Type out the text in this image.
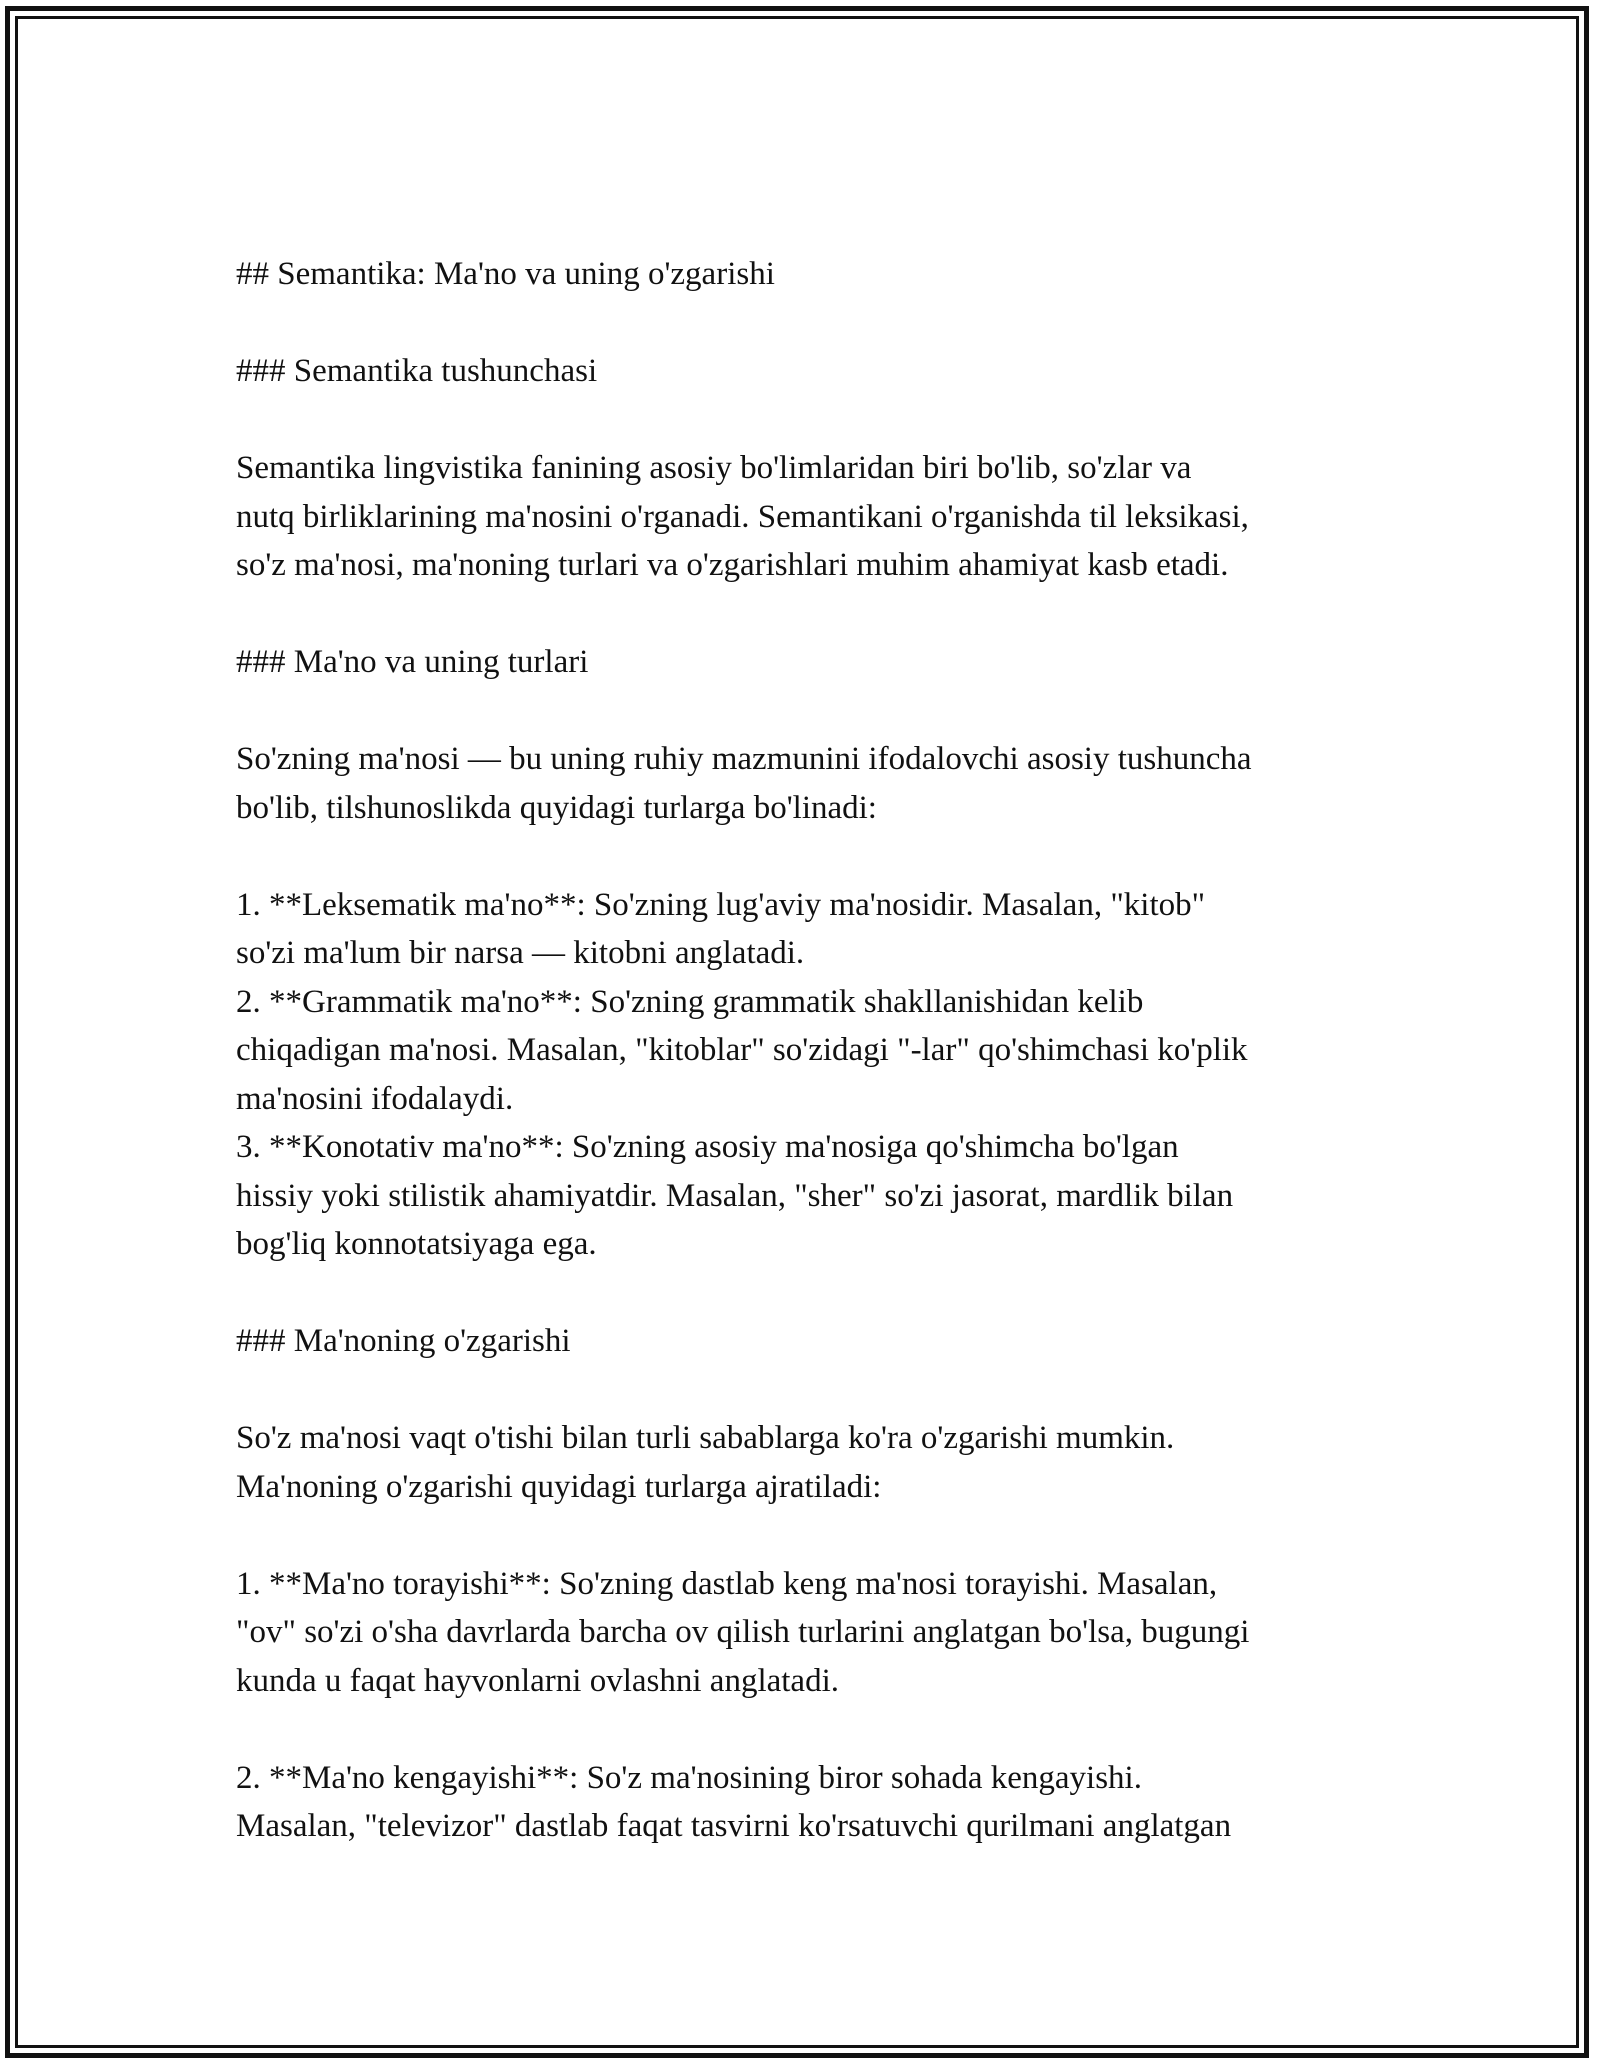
## Semantika: Ma'no va uning o'zgarishi
### Semantika tushunchasi
Semantika lingvistika fanining asosiy bo'limlaridan biri bo'lib, so'zlar va
nutq birliklarining ma'nosini o'rganadi. Semantikani o'rganishda til leksikasi,
so'z ma'nosi, ma'noning turlari va o'zgarishlari muhim ahamiyat kasb etadi.
### Ma'no va uning turlari
So'zning ma'nosi — bu uning ruhiy mazmunini ifodalovchi asosiy tushuncha
bo'lib, tilshunoslikda quyidagi turlarga bo'linadi:
1. **Leksematik ma'no**: So'zning lug'aviy ma'nosidir. Masalan, "kitob"
so'zi ma'lum bir narsa — kitobni anglatadi.
2. **Grammatik ma'no**: So'zning grammatik shakllanishidan kelib
chiqadigan ma'nosi. Masalan, "kitoblar" so'zidagi "-lar" qo'shimchasi ko'plik
ma'nosini ifodalaydi.
3. **Konotativ ma'no**: So'zning asosiy ma'nosiga qo'shimcha bo'lgan
hissiy yoki stilistik ahamiyatdir. Masalan, "sher" so'zi jasorat, mardlik bilan
bog'liq konnotatsiyaga ega.
### Ma'noning o'zgarishi
So'z ma'nosi vaqt o'tishi bilan turli sabablarga ko'ra o'zgarishi mumkin.
Ma'noning o'zgarishi quyidagi turlarga ajratiladi:
1. **Ma'no torayishi**: So'zning dastlab keng ma'nosi torayishi. Masalan,
"ov" so'zi o'sha davrlarda barcha ov qilish turlarini anglatgan bo'lsa, bugungi
kunda u faqat hayvonlarni ovlashni anglatadi.
2. **Ma'no kengayishi**: So'z ma'nosining biror sohada kengayishi.
Masalan, "televizor" dastlab faqat tasvirni ko'rsatuvchi qurilmani anglatgan
